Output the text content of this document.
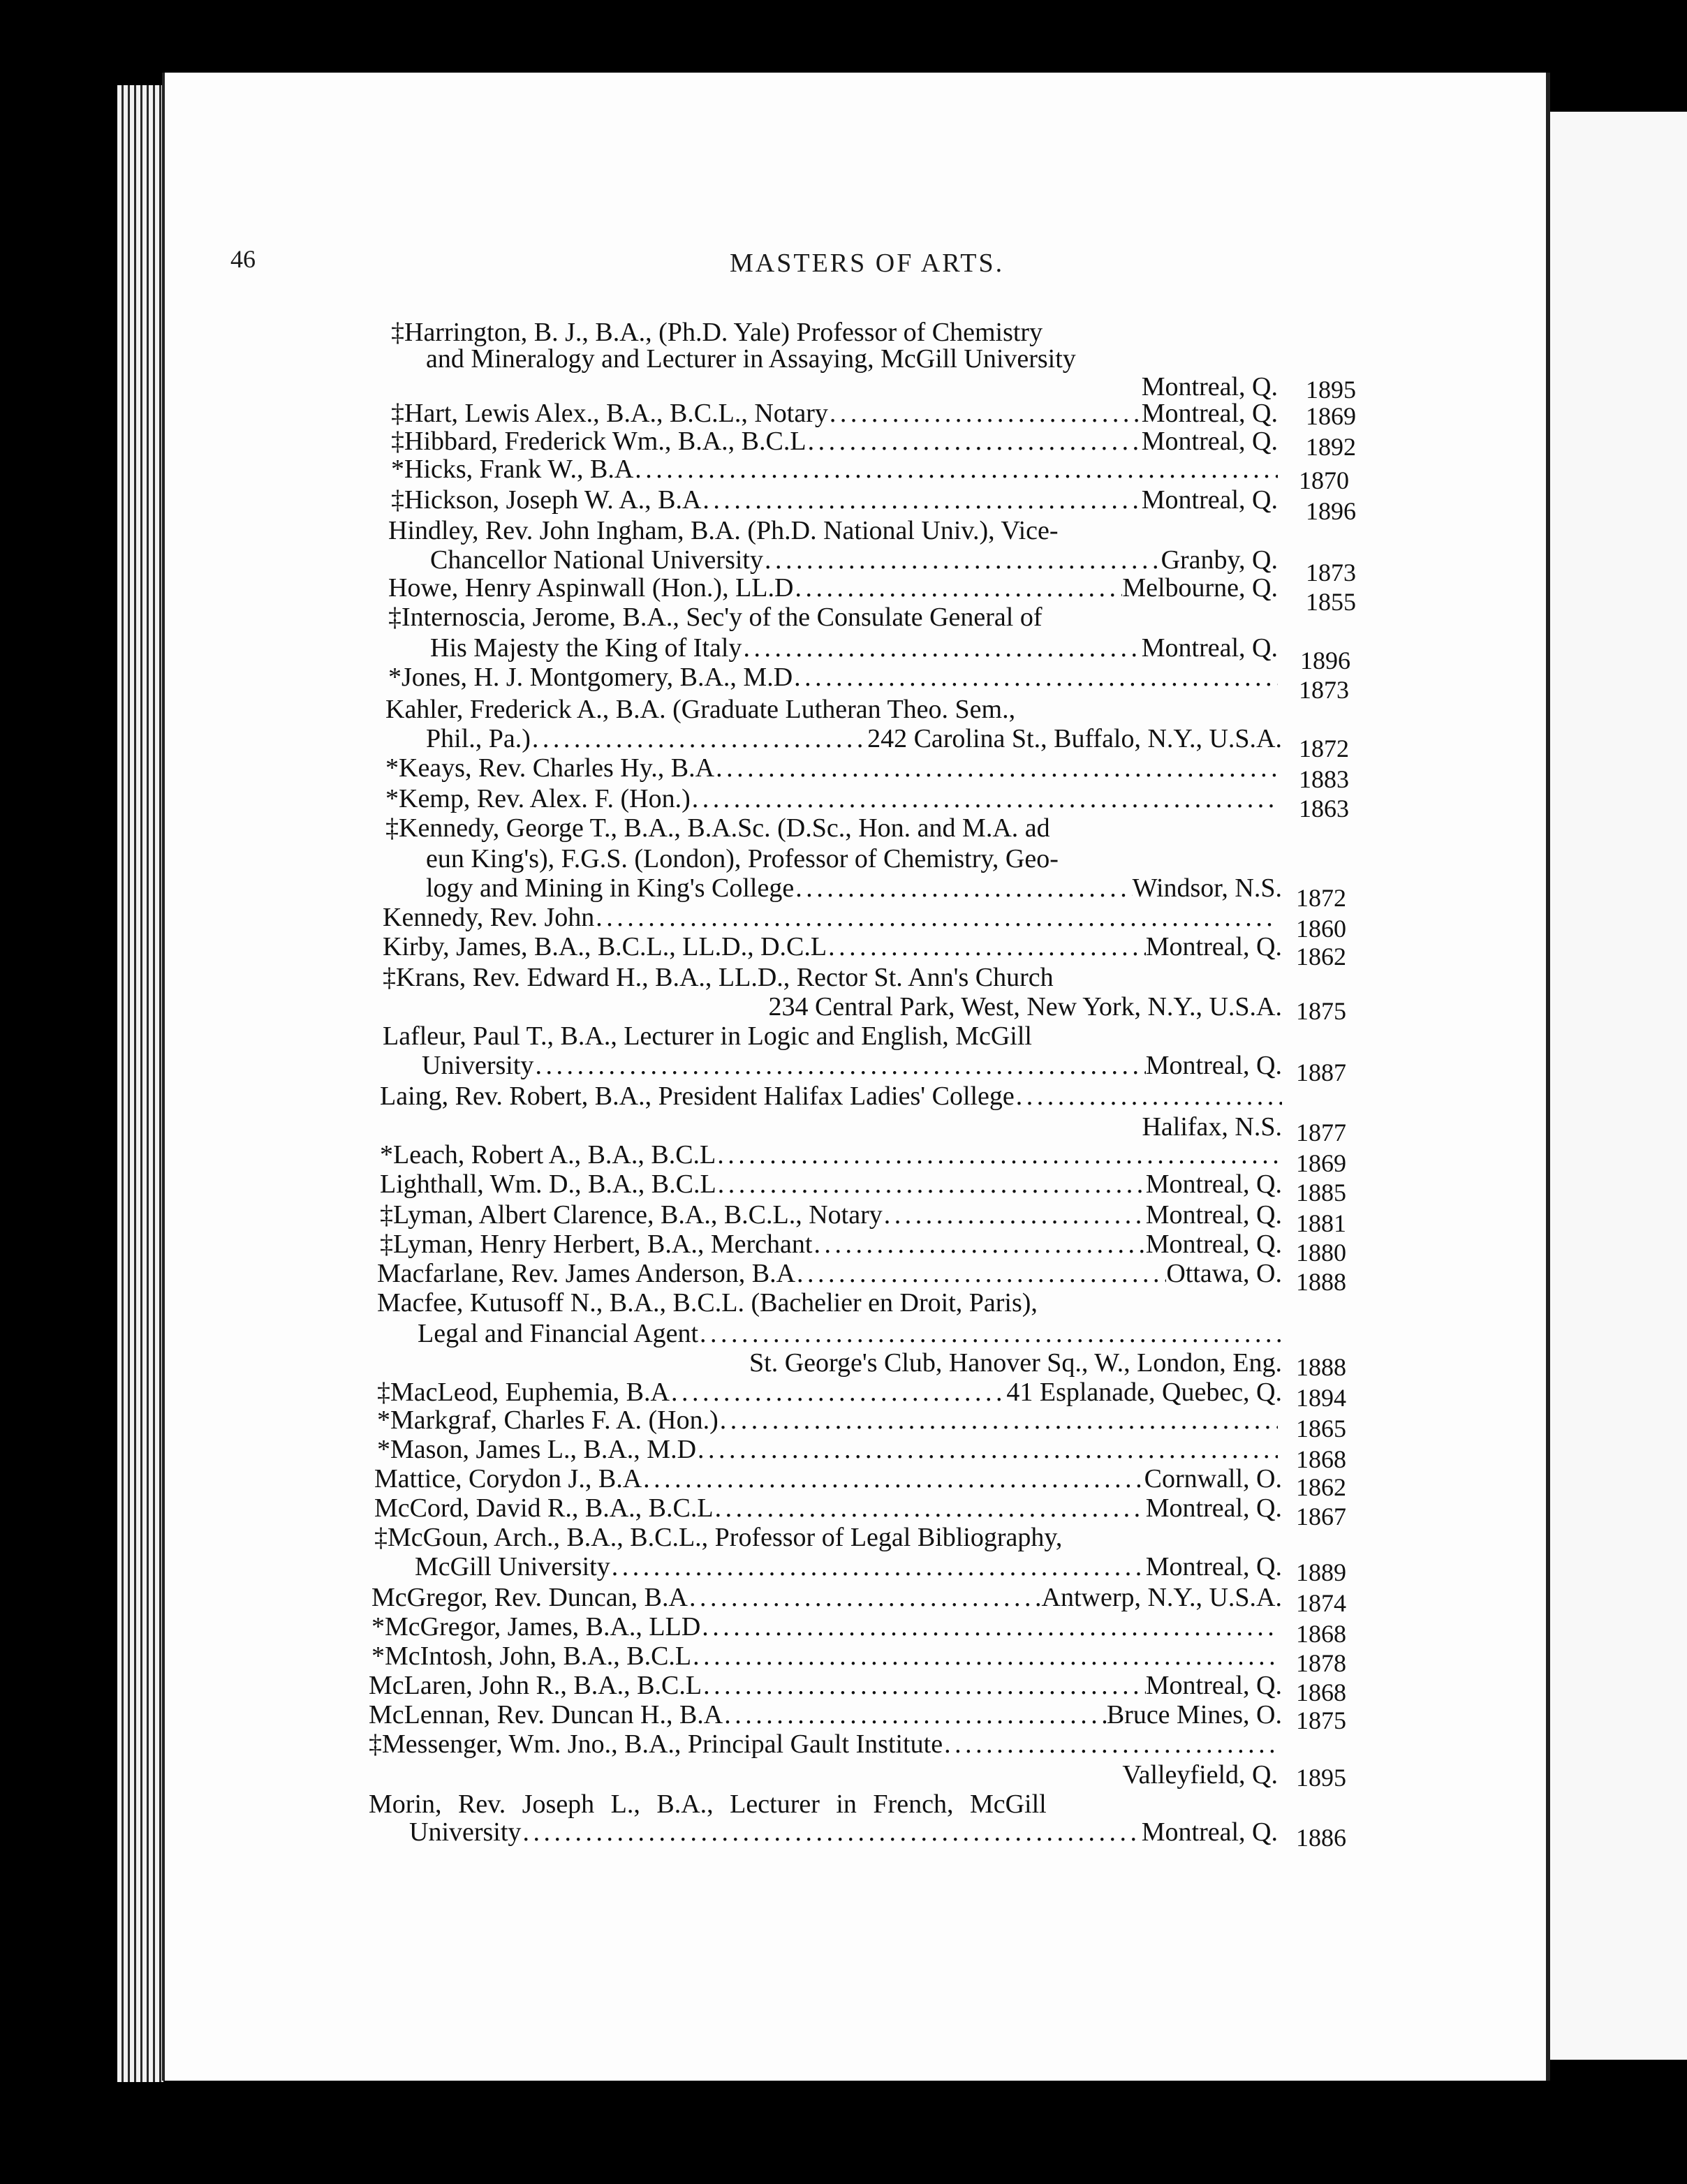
46	MASTERS OF ARTS.
‡Harrington, B. J., B.A., (Ph.D. Yale) Professor of Chemistry
and Mineralogy and Lecturer in Assaying, McGill University
Montreal, Q. 1895
‡Hart, Lewis Alex., B.A., B.C.L., Notary . . .	Montreal, Q. 1869
‡Hibbard, Frederick Wm., B.A., B.C.L . . .	Montreal, Q. 1892
*Hicks, Frank W., B.A . . .	1870
‡Hickson, Joseph W. A., B.A . . .	Montreal, Q. 1896
Hindley, Rev. John Ingham, B.A. (Ph.D. National Univ.), Vice-
Chancellor National University . . .	Granby, Q. 1873
Howe, Henry Aspinwall (Hon.), LL.D . . .	Melbourne, Q. 1855
‡Internoscia, Jerome, B.A., Sec'y of the Consulate General of
His Majesty the King of Italy . . .	Montreal, Q. 1896
*Jones, H. J. Montgomery, B.A., M.D . . .	1873
Kahler, Frederick A., B.A. (Graduate Lutheran Theo. Sem.,
Phil., Pa.) . . .	242 Carolina St., Buffalo, N.Y., U.S.A. 1872
*Keays, Rev. Charles Hy., B.A . . .	1883
*Kemp, Rev. Alex. F. (Hon.) . . .	1863
‡Kennedy, George T., B.A., B.A.Sc. (D.Sc., Hon. and M.A. ad
eun King's), F.G.S. (London), Professor of Chemistry, Geo-
logy and Mining in King's College . . .	Windsor, N.S. 1872
Kennedy, Rev. John . . .	1860
Kirby, James, B.A., B.C.L., LL.D., D.C.L . . .	Montreal, Q. 1862
‡Krans, Rev. Edward H., B.A., LL.D., Rector St. Ann's Church
234 Central Park, West, New York, N.Y., U.S.A. 1875
Lafleur, Paul T., B.A., Lecturer in Logic and English, McGill
University . . .	Montreal, Q. 1887
Laing, Rev. Robert, B.A., President Halifax Ladies' College
. . .
Halifax, N.S. 1877
*Leach, Robert A., B.A., B.C.L . . .	1869
Lighthall, Wm. D., B.A., B.C.L . . .	Montreal, Q. 1885
‡Lyman, Albert Clarence, B.A., B.C.L., Notary . . .	Montreal, Q. 1881
‡Lyman, Henry Herbert, B.A., Merchant . . .	Montreal, Q. 1880
Macfarlane, Rev. James Anderson, B.A . . .	Ottawa, O. 1888
Macfee, Kutusoff N., B.A., B.C.L. (Bachelier en Droit, Paris),
Legal and Financial Agent
. . .
St. George's Club, Hanover Sq., W., London, Eng. 1888
‡MacLeod, Euphemia, B.A . . .	41 Esplanade, Quebec, Q. 1894
*Markgraf, Charles F. A. (Hon.) . . .	1865
*Mason, James L., B.A., M.D . . .	1868
Mattice, Corydon J., B.A . . .	Cornwall, O. 1862
McCord, David R., B.A., B.C.L . . .	Montreal, Q. 1867
‡McGoun, Arch., B.A., B.C.L., Professor of Legal Bibliography,
McGill University . . .	Montreal, Q. 1889
McGregor, Rev. Duncan, B.A . . .	Antwerp, N.Y., U.S.A. 1874
*McGregor, James, B.A., LLD . . .	1868
*McIntosh, John, B.A., B.C.L . . .	1878
McLaren, John R., B.A., B.C.L . . .	Montreal, Q. 1868
McLennan, Rev. Duncan H., B.A . . .	Bruce Mines, O. 1875
‡Messenger, Wm. Jno., B.A., Principal Gault Institute
. . .
Valleyfield, Q. 1895
Morin, Rev. Joseph L., B.A., Lecturer in French, McGill
University . . .	Montreal, Q. 1886
